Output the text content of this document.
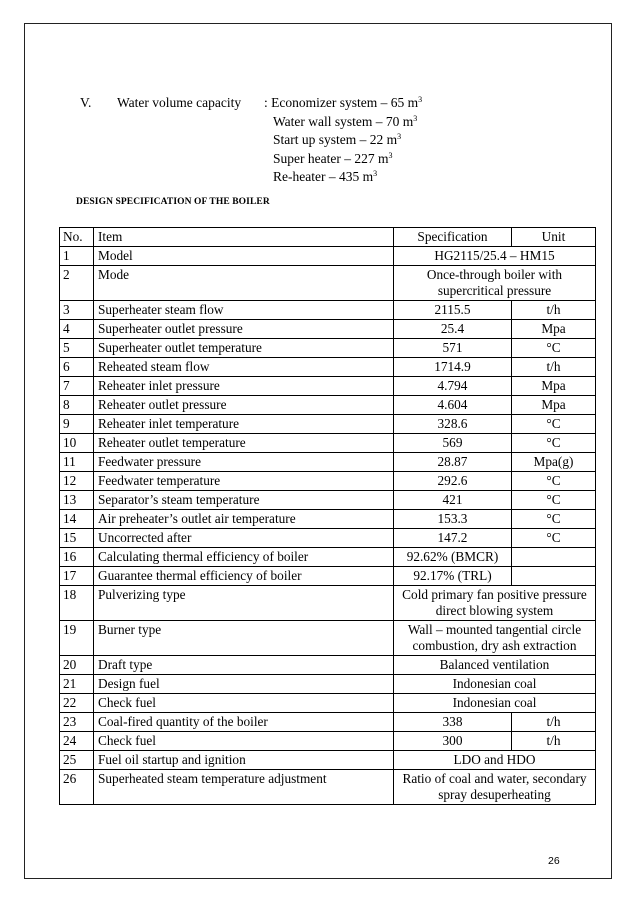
V.	Water volume capacity : Economizer system – 65 $m^3$
Water wall system – 70 $m^3$
Start up system – 22 $m^3$
Super heater – 227 $m^3$
Re-heater – 435 $m^3$
DESIGN SPECIFICATION OF THE BOILER
No.	Item	Specification	Unit
1	Model	HG2115/25.4 – HM15	
2	Mode	Once-through boiler with supercritical pressure	
3	Superheater steam flow	2115.5	t/h
4	Superheater outlet pressure	25.4	Mpa
5	Superheater outlet temperature	571	°C
6	Reheated steam flow	1714.9	t/h
7	Reheater inlet pressure	4.794	Mpa
8	Reheater outlet pressure	4.604	Mpa
9	Reheater inlet temperature	328.6	°C
10	Reheater outlet temperature	569	°C
11	Feedwater pressure	28.87	Mpa(g)
12	Feedwater temperature	292.6	°C
13	Separator’s steam temperature	421	°C
14	Air preheater’s outlet air temperature	153.3	°C
15	Uncorrected after	147.2	°C
16	Calculating thermal efficiency of boiler	92.62% (BMCR)	
17	Guarantee thermal efficiency of boiler	92.17% (TRL)	
18	Pulverizing type	Cold primary fan positive pressure direct blowing system	
19	Burner type	Wall – mounted tangential circle combustion, dry ash extraction	
20	Draft type	Balanced ventilation	
21	Design fuel	Indonesian coal	
22	Check fuel	Indonesian coal	
23	Coal-fired quantity of the boiler	338	t/h
24	Check fuel	300	t/h
25	Fuel oil startup and ignition	LDO and HDO	
26	Superheated steam temperature adjustment	Ratio of coal and water, secondary spray desuperheating	
26
